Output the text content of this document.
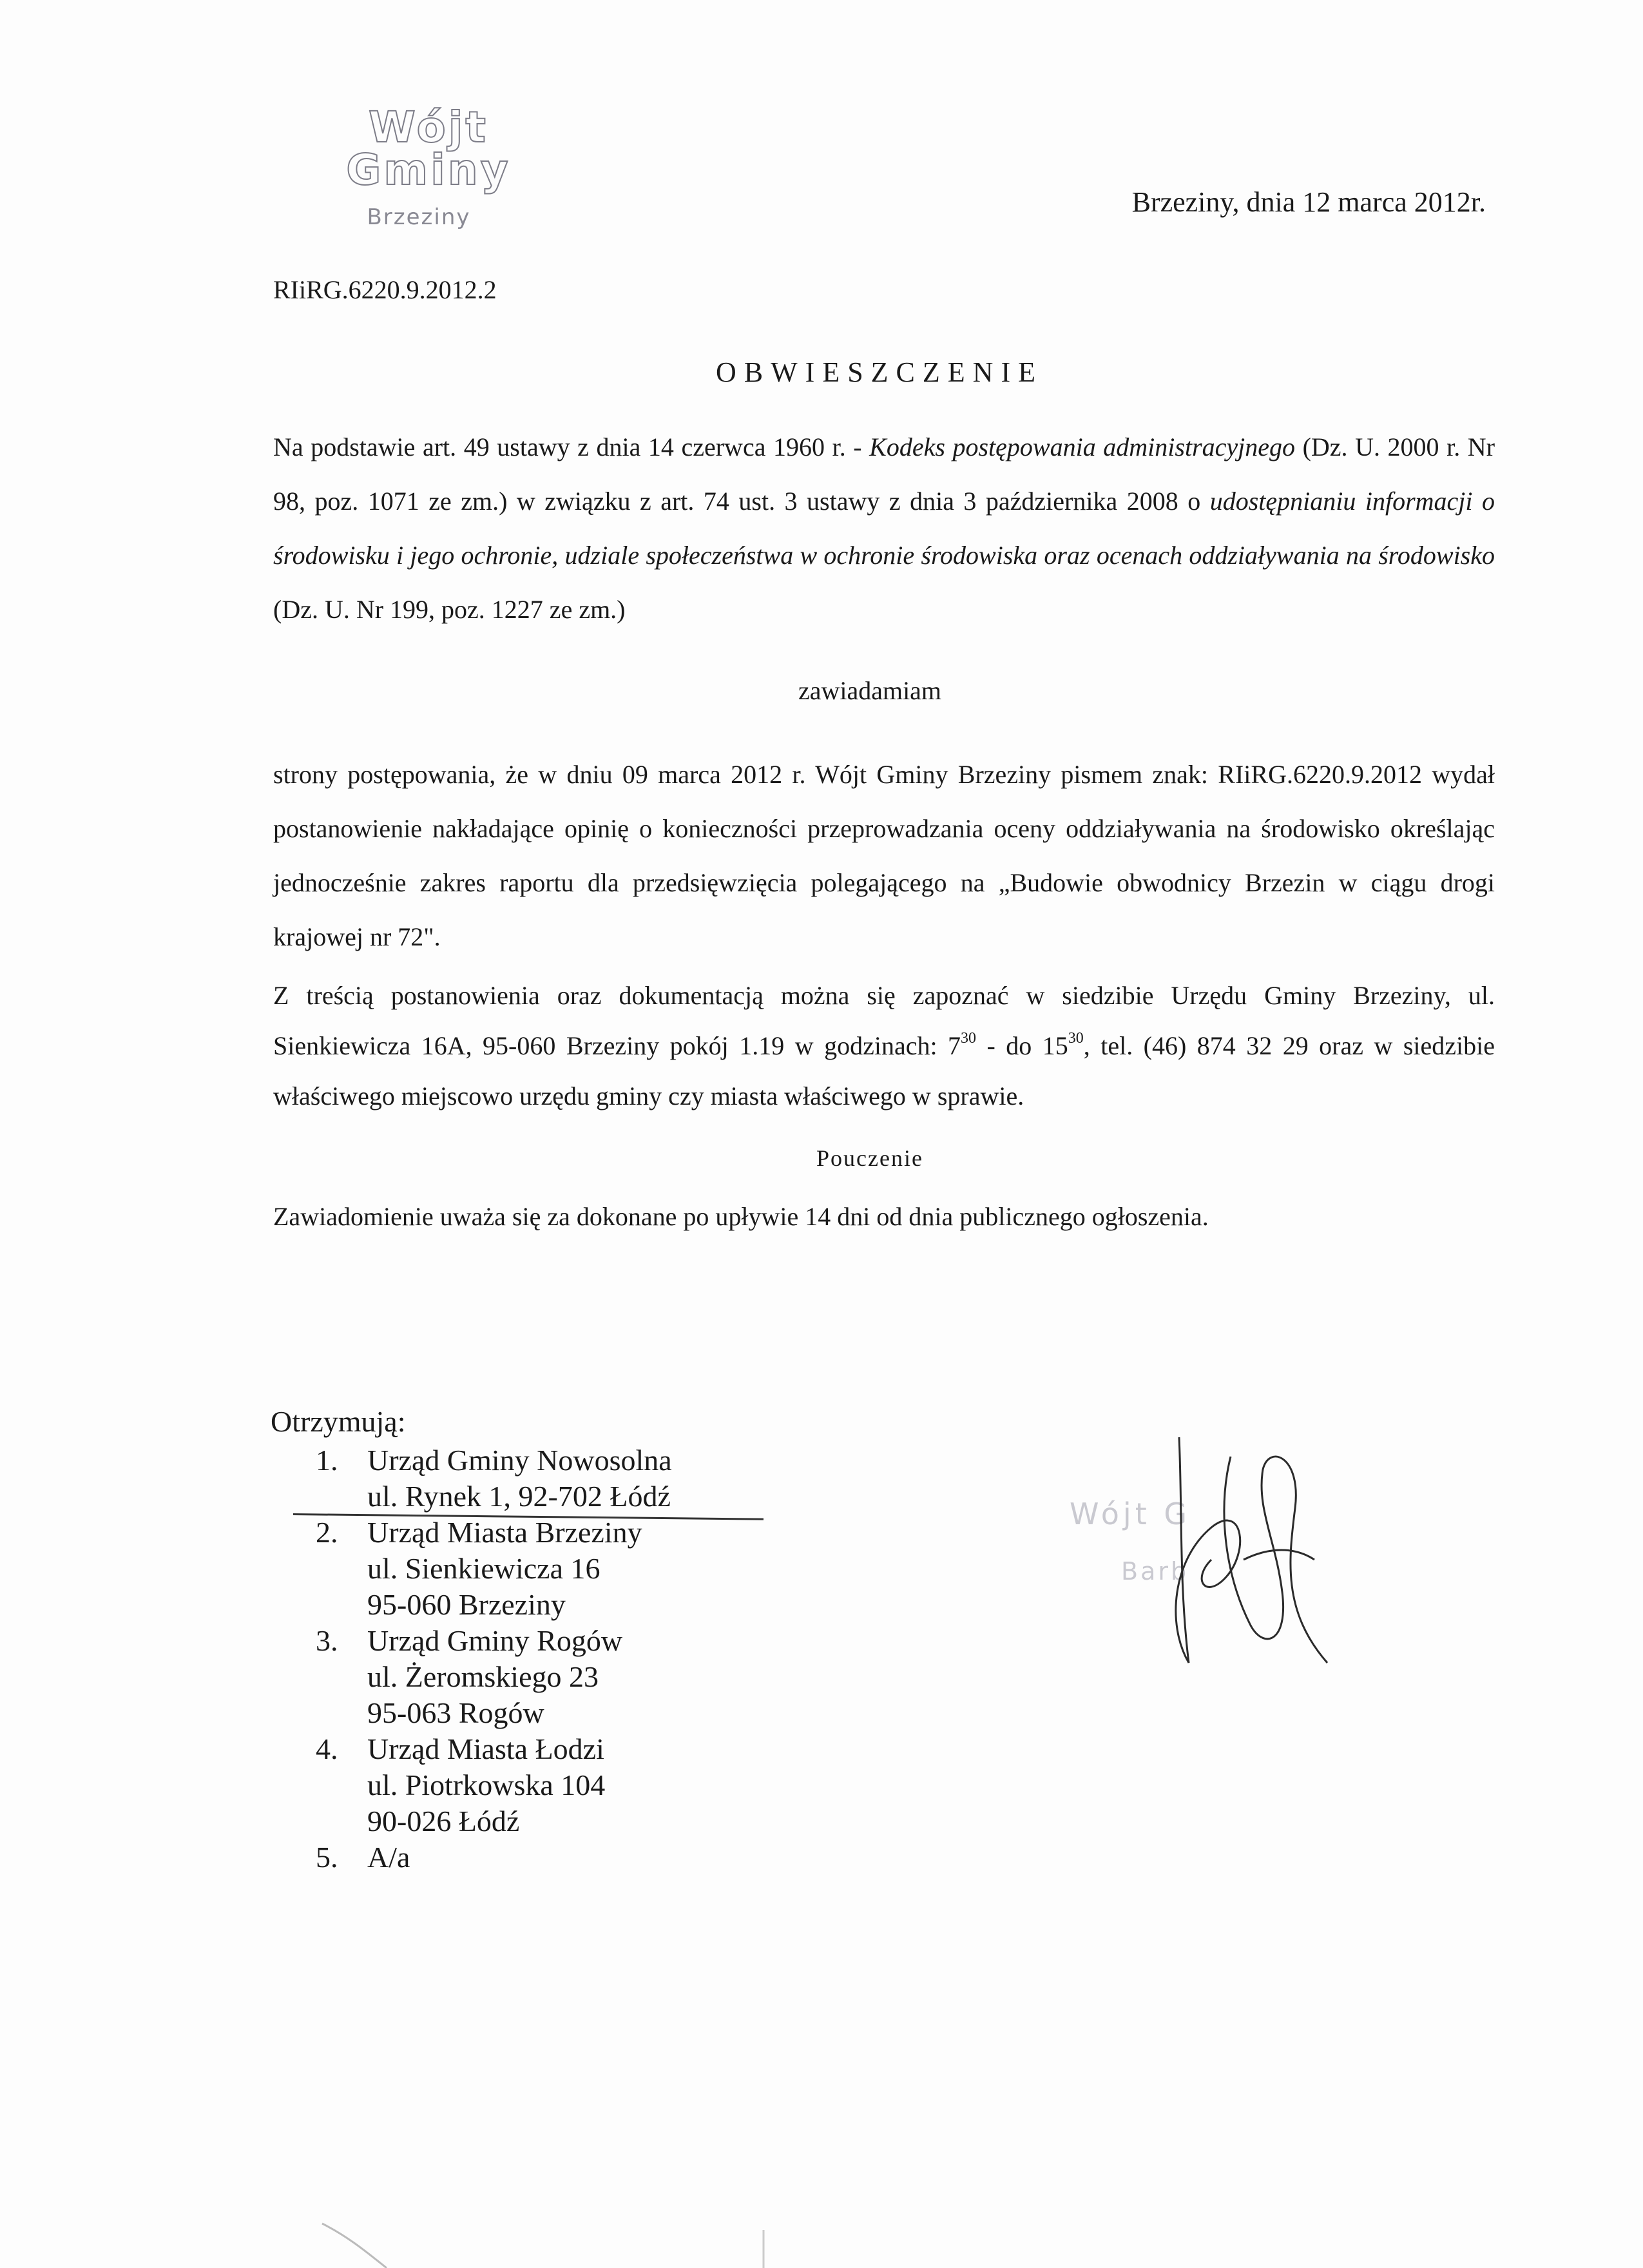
Wójt Gminy
Brzeziny	Brzeziny, dnia 12 marca 2012r.
RIiRG.6220.9.2012.2
OBWIESZCZENIE
Na podstawie art. 49 ustawy z dnia 14 czerwca 1960 r. - Kodeks postępowania administracyjnego (Dz. U. 2000 r. Nr 98, poz. 1071 ze zm.) w związku z art. 74 ust. 3 ustawy z dnia 3 października 2008 o udostępnianiu informacji o środowisku i jego ochronie, udziale społeczeństwa w ochronie środowiska oraz ocenach oddziaływania na środowisko (Dz. U. Nr 199, poz. 1227 ze zm.)
zawiadamiam
strony postępowania, że w dniu 09 marca 2012 r. Wójt Gminy Brzeziny pismem znak: RIiRG.6220.9.2012 wydał postanowienie nakładające opinię o konieczności przeprowadzania oceny oddziaływania na środowisko określając jednocześnie zakres raportu dla przedsięwzięcia polegającego na „Budowie obwodnicy Brzezin w ciągu drogi krajowej nr 72".
Z treścią postanowienia oraz dokumentacją można się zapoznać w siedzibie Urzędu Gminy Brzeziny, ul. Sienkiewicza 16A, 95-060 Brzeziny pokój 1.19 w godzinach: $7^{30}$ - do $15^{30}$, tel. (46) 874 32 29 oraz w siedzibie właściwego miejscowo urzędu gminy czy miasta właściwego w sprawie.
Pouczenie
Zawiadomienie uważa się za dokonane po upływie 14 dni od dnia publicznego ogłoszenia.
Otrzymują:
1. Urząd Gminy Nowosolna
ul. Rynek 1, 92-702 Łódź
2. Urząd Miasta Brzeziny
ul. Sienkiewicza 16
95-060 Brzeziny
3. Urząd Gminy Rogów
ul. Żeromskiego 23
95-063 Rogów
4. Urząd Miasta Łodzi
ul. Piotrkowska 104
90-026 Łódź
5. A/a
Wójt G
Barb
